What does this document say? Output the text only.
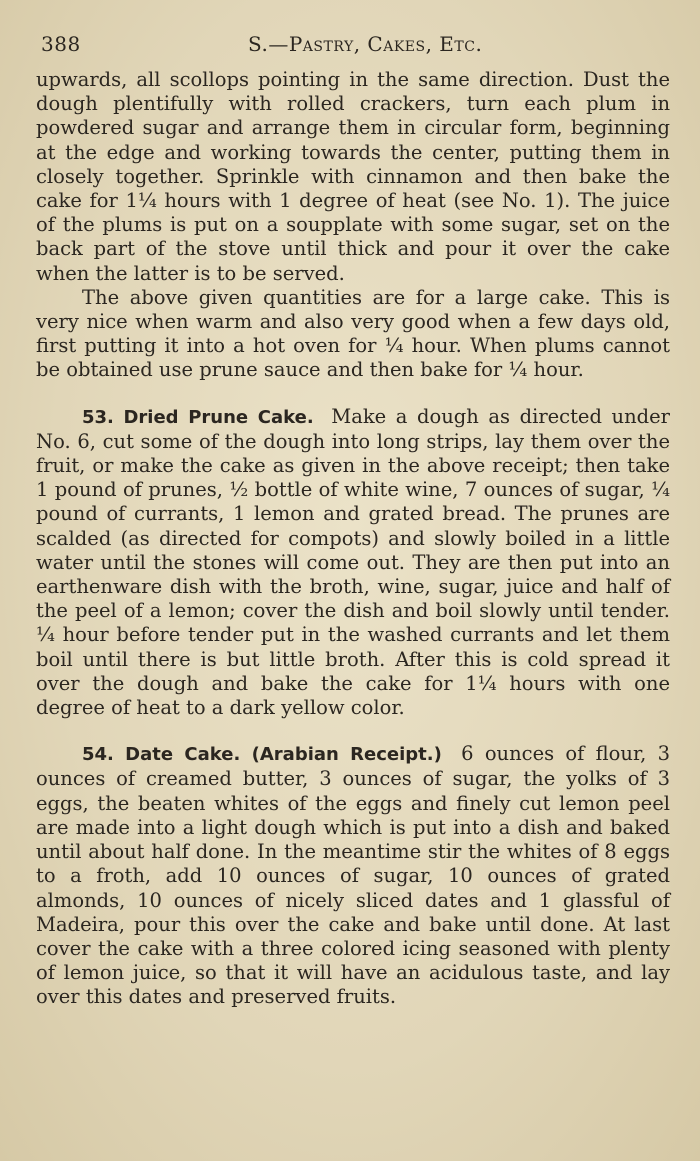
388	S.—Pastry, Cakes, Etc.

upwards, all scollops pointing in the same direction. Dust the dough plentifully with rolled crackers, turn each plum in powdered sugar and arrange them in circular form, beginning at the edge and working towards the center, putting them in closely together. Sprinkle with cinnamon and then bake the cake for 1¼ hours with 1 degree of heat (see No. 1). The juice of the plums is put on a soupplate with some sugar, set on the back part of the stove until thick and pour it over the cake when the latter is to be served.

The above given quantities are for a large cake. This is very nice when warm and also very good when a few days old, first putting it into a hot oven for ¼ hour. When plums cannot be obtained use prune sauce and then bake for ¼ hour.

53. Dried Prune Cake. Make a dough as directed under No. 6, cut some of the dough into long strips, lay them over the fruit, or make the cake as given in the above receipt; then take 1 pound of prunes, ½ bottle of white wine, 7 ounces of sugar, ¼ pound of currants, 1 lemon and grated bread. The prunes are scalded (as directed for compots) and slowly boiled in a little water until the stones will come out. They are then put into an earthenware dish with the broth, wine, sugar, juice and half of the peel of a lemon; cover the dish and boil slowly until tender. ¼ hour before tender put in the washed currants and let them boil until there is but little broth. After this is cold spread it over the dough and bake the cake for 1¼ hours with one degree of heat to a dark yellow color.

54. Date Cake. (Arabian Receipt.) 6 ounces of flour, 3 ounces of creamed butter, 3 ounces of sugar, the yolks of 3 eggs, the beaten whites of the eggs and finely cut lemon peel are made into a light dough which is put into a dish and baked until about half done. In the meantime stir the whites of 8 eggs to a froth, add 10 ounces of sugar, 10 ounces of grated almonds, 10 ounces of nicely sliced dates and 1 glassful of Madeira, pour this over the cake and bake until done. At last cover the cake with a three colored icing seasoned with plenty of lemon juice, so that it will have an acidulous taste, and lay over this dates and preserved fruits.
